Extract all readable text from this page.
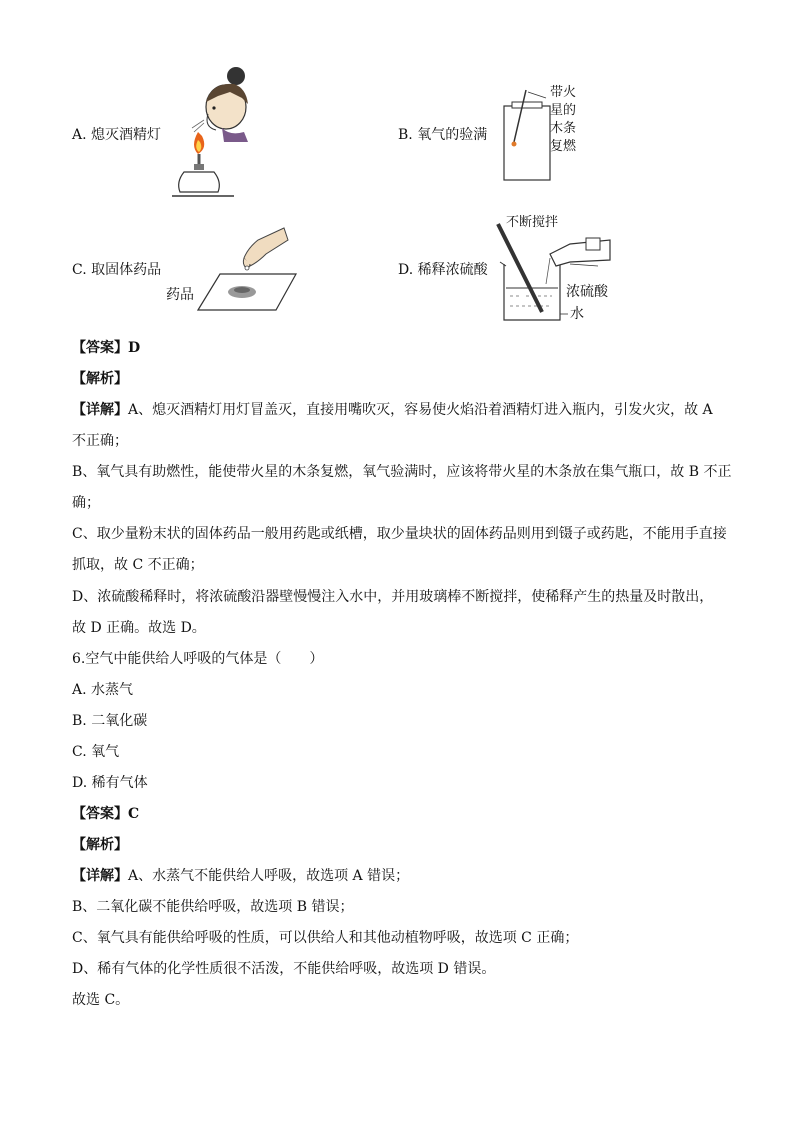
A. 熄灭酒精灯	B. 氧气的验满
带火
星的
木条
复燃
C. 取固体药品
药品
D. 稀释浓硫酸
不断搅拌
浓硫酸
水
【答案】D
【解析】
【详解】A、熄灭酒精灯用灯冒盖灭，直接用嘴吹灭，容易使火焰沿着酒精灯进入瓶内，引发火灾，故 A
不正确；
B、氧气具有助燃性，能使带火星的木条复燃，氧气验满时，应该将带火星的木条放在集气瓶口，故 B 不正
确；
C、取少量粉末状的固体药品一般用药匙或纸槽，取少量块状的固体药品则用到镊子或药匙，不能用手直接
抓取，故 C 不正确；
D、浓硫酸稀释时，将浓硫酸沿器壁慢慢注入水中，并用玻璃棒不断搅拌，使稀释产生的热量及时散出，
故 D 正确。故选 D。
6.空气中能供给人呼吸的气体是（　　）
A. 水蒸气
B. 二氧化碳
C. 氧气
D. 稀有气体
【答案】C
【解析】
【详解】A、水蒸气不能供给人呼吸，故选项 A 错误；
B、二氧化碳不能供给呼吸，故选项 B 错误；
C、氧气具有能供给呼吸的性质，可以供给人和其他动植物呼吸，故选项 C 正确；
D、稀有气体的化学性质很不活泼，不能供给呼吸，故选项 D 错误。
故选 C。
